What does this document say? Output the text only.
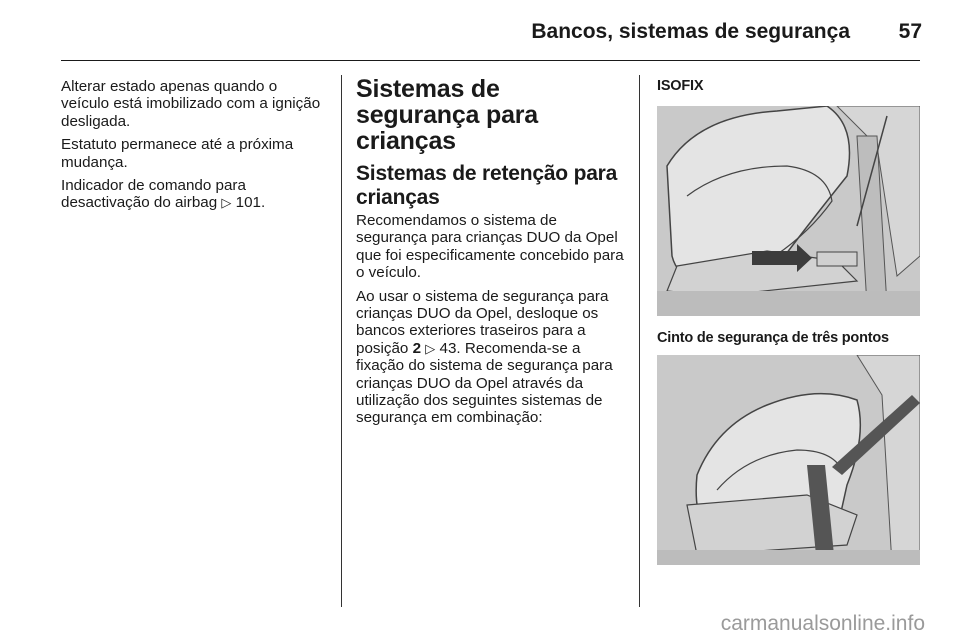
Bancos, sistemas de segurança	57

Alterar estado apenas quando o veículo está imobilizado com a ignição desligada.

Estatuto permanece até a próxima mudança.

Indicador de comando para desactivação do airbag ▷ 101.

Sistemas de segurança para crianças
Sistemas de retenção para crianças

Recomendamos o sistema de segurança para crianças DUO da Opel que foi especificamente concebido para o veículo.

Ao usar o sistema de segurança para crianças DUO da Opel, desloque os bancos exteriores traseiros para a posição 2 ▷ 43. Recomenda-se a fixação do sistema de segurança para crianças DUO da Opel através da utilização dos seguintes sistemas de segurança em combinação:

ISOFIX
Cinto de segurança de três pontos
carmanualsonline.info
